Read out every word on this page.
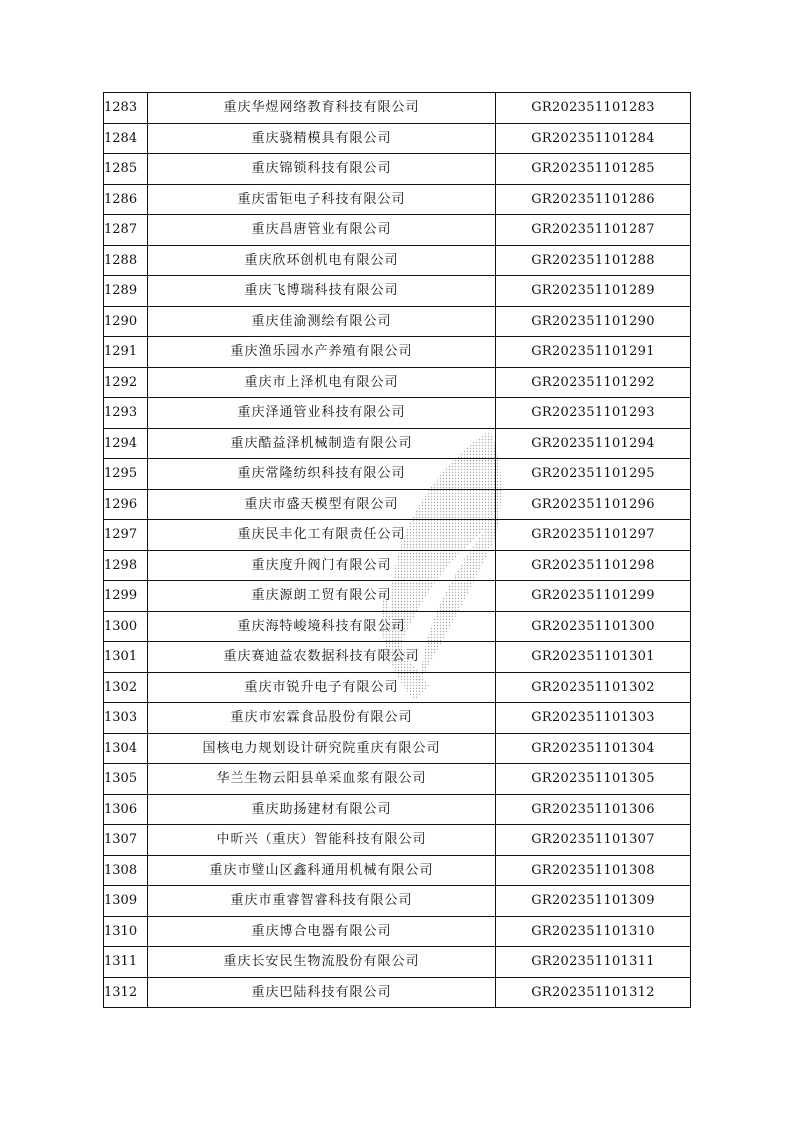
1283	重庆华煜网络教育科技有限公司	GR202351101283
1284	重庆骁精模具有限公司	GR202351101284
1285	重庆锦锁科技有限公司	GR202351101285
1286	重庆雷钜电子科技有限公司	GR202351101286
1287	重庆昌唐管业有限公司	GR202351101287
1288	重庆欣环创机电有限公司	GR202351101288
1289	重庆飞博瑞科技有限公司	GR202351101289
1290	重庆佳渝测绘有限公司	GR202351101290
1291	重庆渔乐园水产养殖有限公司	GR202351101291
1292	重庆市上泽机电有限公司	GR202351101292
1293	重庆泽通管业科技有限公司	GR202351101293
1294	重庆酷益泽机械制造有限公司	GR202351101294
1295	重庆常隆纺织科技有限公司	GR202351101295
1296	重庆市盛天模型有限公司	GR202351101296
1297	重庆民丰化工有限责任公司	GR202351101297
1298	重庆度升阀门有限公司	GR202351101298
1299	重庆源朗工贸有限公司	GR202351101299
1300	重庆海特峻境科技有限公司	GR202351101300
1301	重庆赛迪益农数据科技有限公司	GR202351101301
1302	重庆市锐升电子有限公司	GR202351101302
1303	重庆市宏霖食品股份有限公司	GR202351101303
1304	国核电力规划设计研究院重庆有限公司	GR202351101304
1305	华兰生物云阳县单采血浆有限公司	GR202351101305
1306	重庆助扬建材有限公司	GR202351101306
1307	中昕兴（重庆）智能科技有限公司	GR202351101307
1308	重庆市璧山区鑫科通用机械有限公司	GR202351101308
1309	重庆市重睿智睿科技有限公司	GR202351101309
1310	重庆博合电器有限公司	GR202351101310
1311	重庆长安民生物流股份有限公司	GR202351101311
1312	重庆巴陆科技有限公司	GR202351101312
